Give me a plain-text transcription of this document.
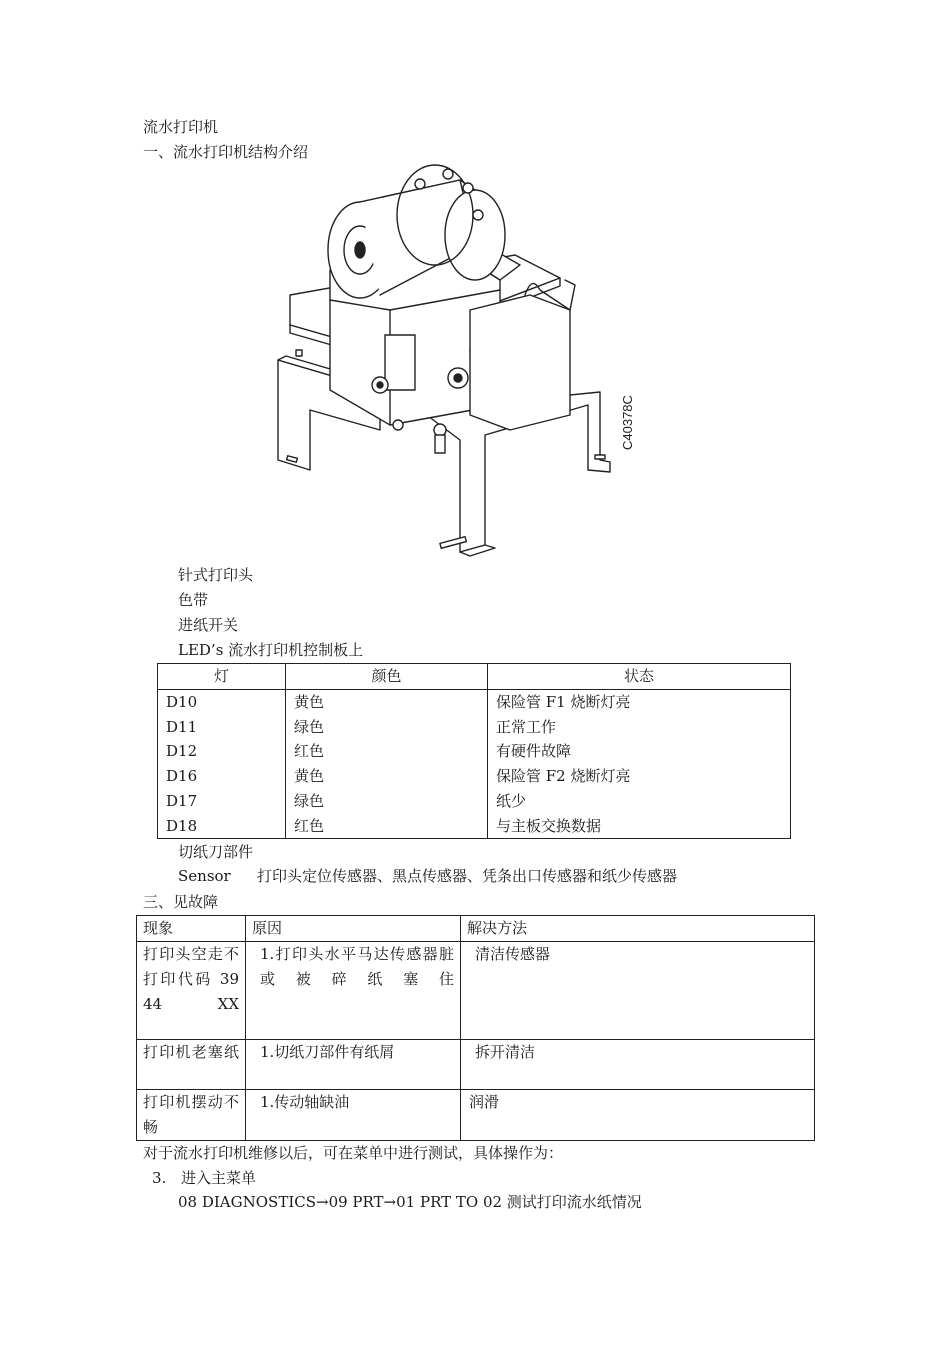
流水打印机
一、流水打印机结构介绍
C40378C
针式打印头
色带
进纸开关
LED’s 流水打印机控制板上
灯	颜色	状态
D10	黄色	保险管 F1 烧断灯亮
D11	绿色	正常工作
D12	红色	有硬件故障
D16	黄色	保险管 F2 烧断灯亮
D17	绿色	纸少
D18	红色	与主板交换数据
切纸刀部件
Sensor 打印头定位传感器、黑点传感器、凭条出口传感器和纸少传感器
三、见故障
现象	原因	解决方法
打印头空走不打印代码 39 44 XX	1.打印头水平马达传感器脏或被碎纸塞住	清洁传感器
打印机老塞纸	1.切纸刀部件有纸屑	拆开清洁
打印机摆动不畅	1.传动轴缺油	润滑
对于流水打印机维修以后，可在菜单中进行测试，具体操作为：
3. 进入主菜单
08 DIAGNOSTICS→09 PRT→01 PRT TO 02 测试打印流水纸情况
